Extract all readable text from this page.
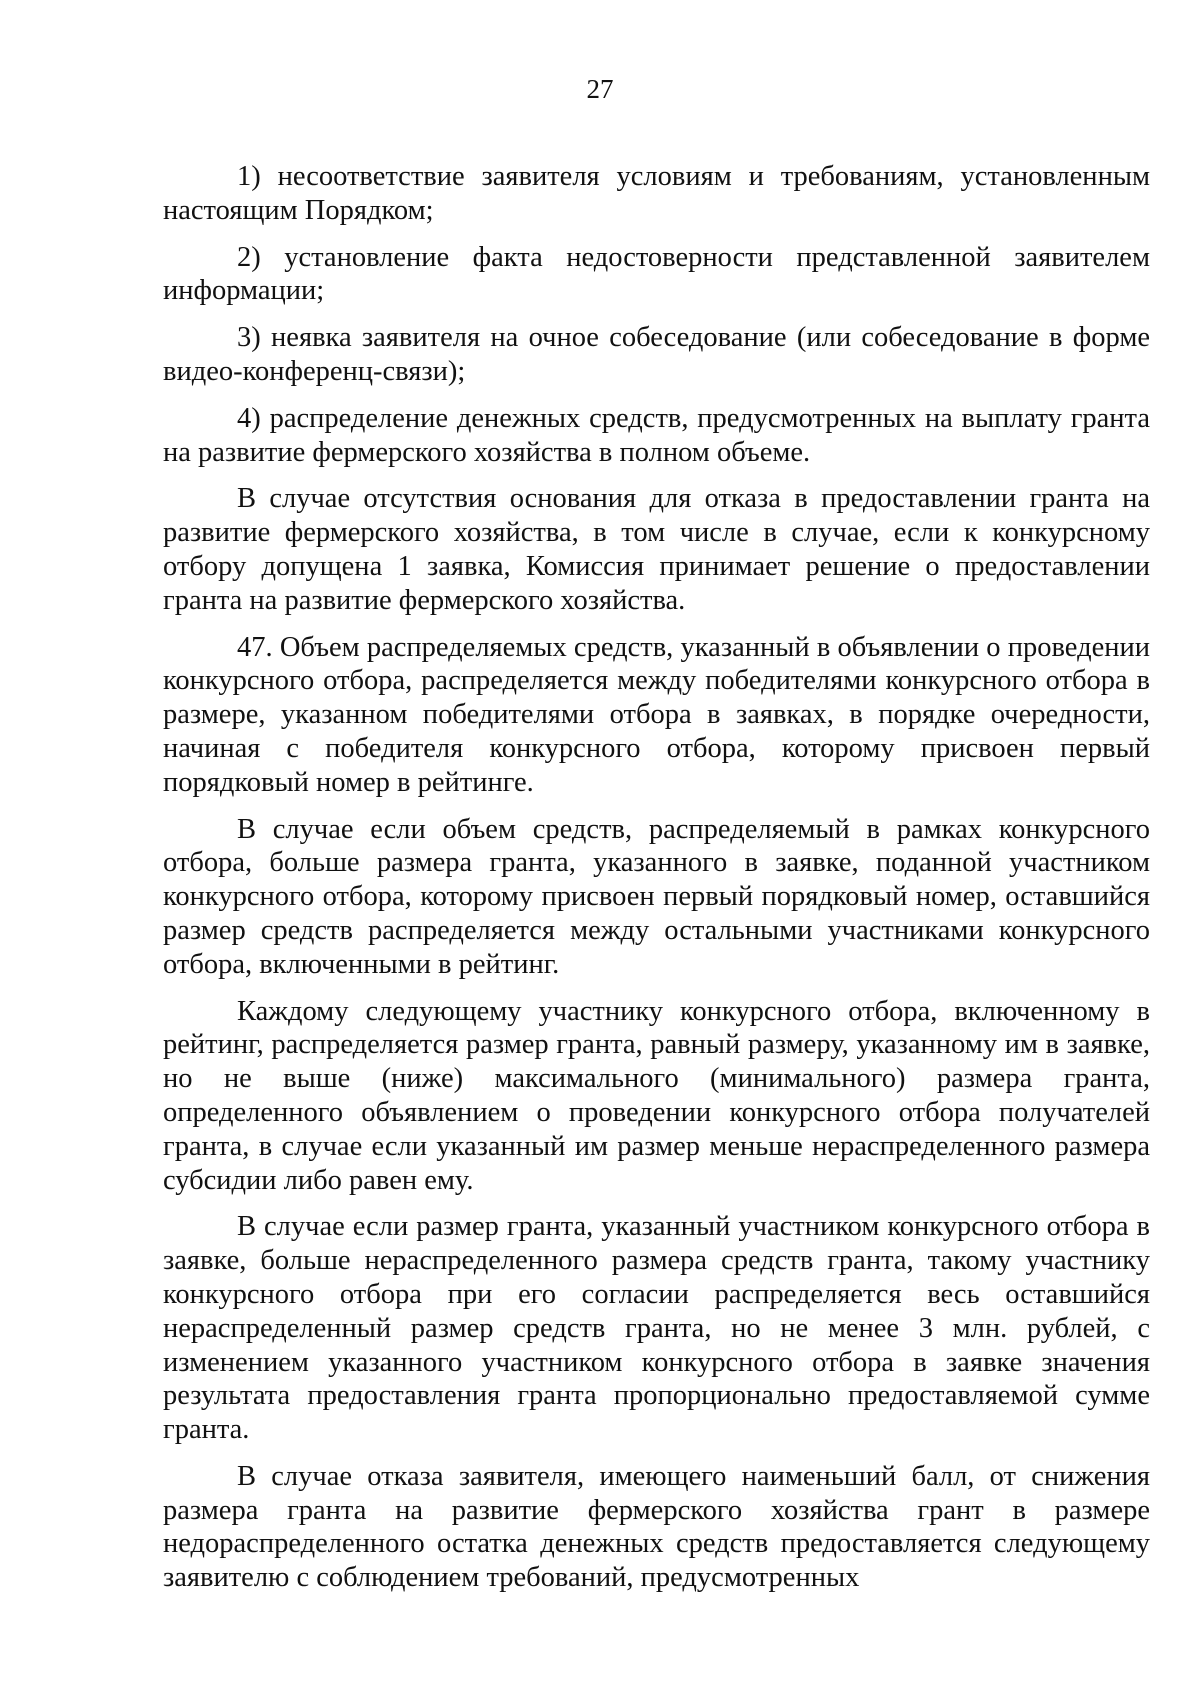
27

1) несоответствие заявителя условиям и требованиям, установленным настоящим Порядком;

2) установление факта недостоверности представленной заявителем информации;

3) неявка заявителя на очное собеседование (или собеседование в форме видео-конференц-связи);

4) распределение денежных средств, предусмотренных на выплату гранта на развитие фермерского хозяйства в полном объеме.

В случае отсутствия основания для отказа в предоставлении гранта на развитие фермерского хозяйства, в том числе в случае, если к конкурсному отбору допущена 1 заявка, Комиссия принимает решение о предоставлении гранта на развитие фермерского хозяйства.

47. Объем распределяемых средств, указанный в объявлении о проведении конкурсного отбора, распределяется между победителями конкурсного отбора в размере, указанном победителями отбора в заявках, в порядке очередности, начиная с победителя конкурсного отбора, которому присвоен первый порядковый номер в рейтинге.

В случае если объем средств, распределяемый в рамках конкурсного отбора, больше размера гранта, указанного в заявке, поданной участником конкурсного отбора, которому присвоен первый порядковый номер, оставшийся размер средств распределяется между остальными участниками конкурсного отбора, включенными в рейтинг.

Каждому следующему участнику конкурсного отбора, включенному в рейтинг, распределяется размер гранта, равный размеру, указанному им в заявке, но не выше (ниже) максимального (минимального) размера гранта, определенного объявлением о проведении конкурсного отбора получателей гранта, в случае если указанный им размер меньше нераспределенного размера субсидии либо равен ему.

В случае если размер гранта, указанный участником конкурсного отбора в заявке, больше нераспределенного размера средств гранта, такому участнику конкурсного отбора при его согласии распределяется весь оставшийся нераспределенный размер средств гранта, но не менее 3 млн. рублей, с изменением указанного участником конкурсного отбора в заявке значения результата предоставления гранта пропорционально предоставляемой сумме гранта.

В случае отказа заявителя, имеющего наименьший балл, от снижения размера гранта на развитие фермерского хозяйства грант в размере недораспределенного остатка денежных средств предоставляется следующему заявителю с соблюдением требований, предусмотренных
